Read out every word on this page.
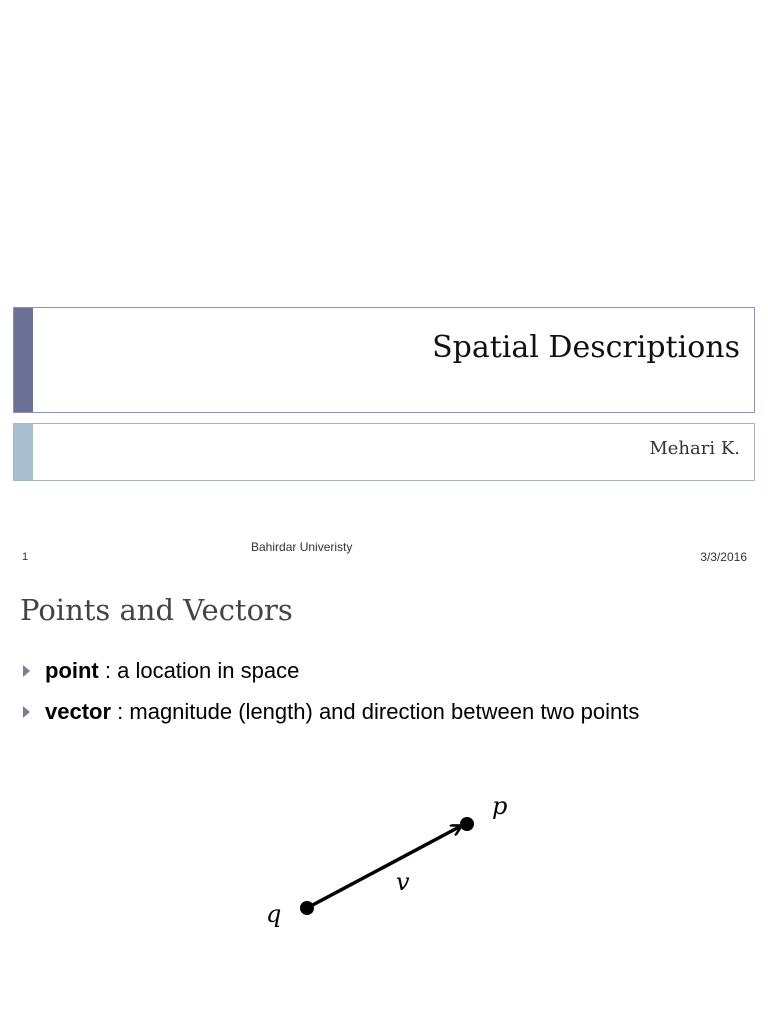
Spatial Descriptions
Mehari K.
1
Bahirdar Univeristy
3/3/2016
Points and Vectors
point : a location in space
vector : magnitude (length) and direction between two points
p
q
v
